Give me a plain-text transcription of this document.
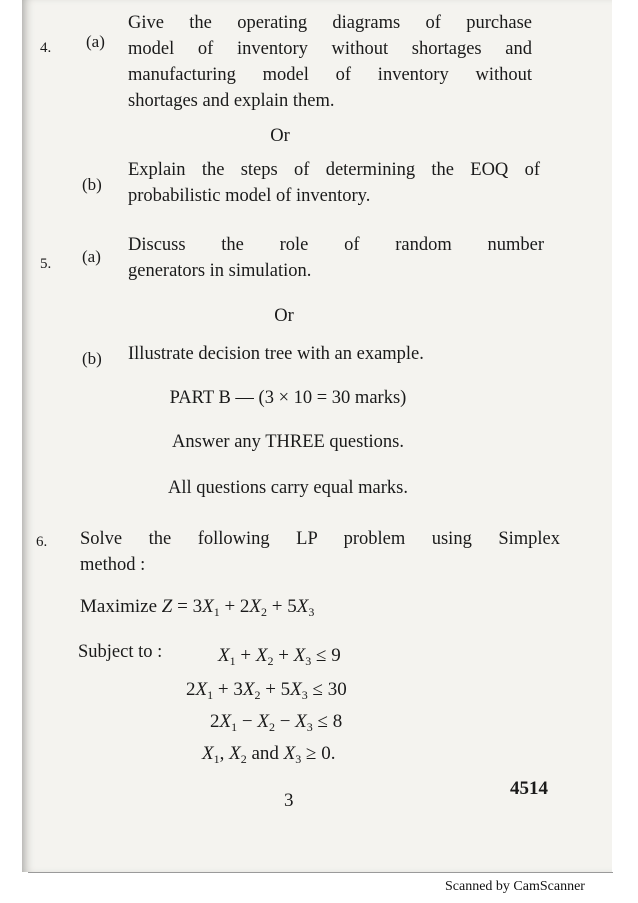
4. (a)
Give the operating diagrams of purchase
model of inventory without shortages and
manufacturing model of inventory without
shortages and explain them.
Or
(b)
Explain the steps of determining the EOQ of
probabilistic model of inventory.
5. (a)
Discuss the role of random number
generators in simulation.
Or
(b) Illustrate decision tree with an example.
PART B — (3 × 10 = 30 marks)
Answer any THREE questions.
All questions carry equal marks.
6. Solve the following LP problem using Simplex
method :
Maximize $Z = 3X_1 + 2X_2 + 5X_3$
Subject to :	$X_1 + X_2 + X_3 \le 9$
$2X_1 + 3X_2 + 5X_3 \le 30$
$2X_1 - X_2 - X_3 \le 8$
$X_1$, $X_2$ and $X_3 \ge 0$.
3
4514
Scanned by CamScanner
